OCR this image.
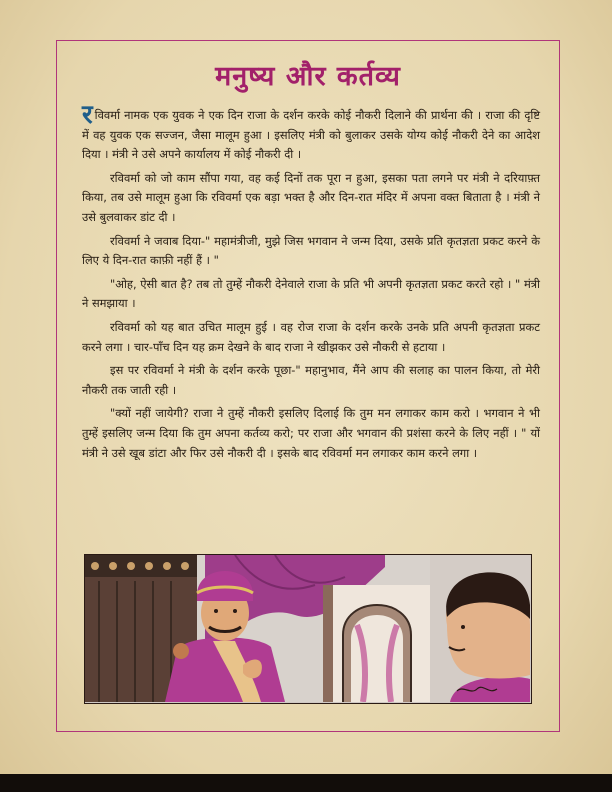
मनुष्य और कर्तव्य

रविवर्मा नामक एक युवक ने एक दिन राजा के दर्शन करके कोई नौकरी दिलाने की प्रार्थना की । राजा की दृष्टि में वह युवक एक सज्जन, जैसा मालूम हुआ । इसलिए मंत्री को बुलाकर उसके योग्य कोई नौकरी देने का आदेश दिया । मंत्री ने उसे अपने कार्यालय में कोई नौकरी दी ।

रविवर्मा को जो काम सौंपा गया, वह कई दिनों तक पूरा न हुआ, इसका पता लगने पर मंत्री ने दरियाफ़्त किया, तब उसे मालूम हुआ कि रविवर्मा एक बड़ा भक्त है और दिन-रात मंदिर में अपना वक्त बिताता है । मंत्री ने उसे बुलवाकर डांट दी ।

रविवर्मा ने जवाब दिया-" महामंत्रीजी, मुझे जिस भगवान ने जन्म दिया, उसके प्रति कृतज्ञता प्रकट करने के लिए ये दिन-रात काफ़ी नहीं हैं । "

"ओह, ऐसी बात है? तब तो तुम्हें नौकरी देनेवाले राजा के प्रति भी अपनी कृतज्ञता प्रकट करते रहो । " मंत्री ने समझाया ।

रविवर्मा को यह बात उचित मालूम हुई । वह रोज राजा के दर्शन करके उनके प्रति अपनी कृतज्ञता प्रकट करने लगा । चार-पाँच दिन यह क्रम देखने के बाद राजा ने खीझकर उसे नौकरी से हटाया ।

इस पर रविवर्मा ने मंत्री के दर्शन करके पूछा-" महानुभाव, मैंने आप की सलाह का पालन किया, तो मेरी नौकरी तक जाती रही ।

"क्यों नहीं जायेगी? राजा ने तुम्हें नौकरी इसलिए दिलाई कि तुम मन लगाकर काम करो । भगवान ने भी तुम्हें इसलिए जन्म दिया कि तुम अपना कर्तव्य करो; पर राजा और भगवान की प्रशंसा करने के लिए नहीं । " यों मंत्री ने उसे खूब डांटा और फिर उसे नौकरी दी । इसके बाद रविवर्मा मन लगाकर काम करने लगा ।
